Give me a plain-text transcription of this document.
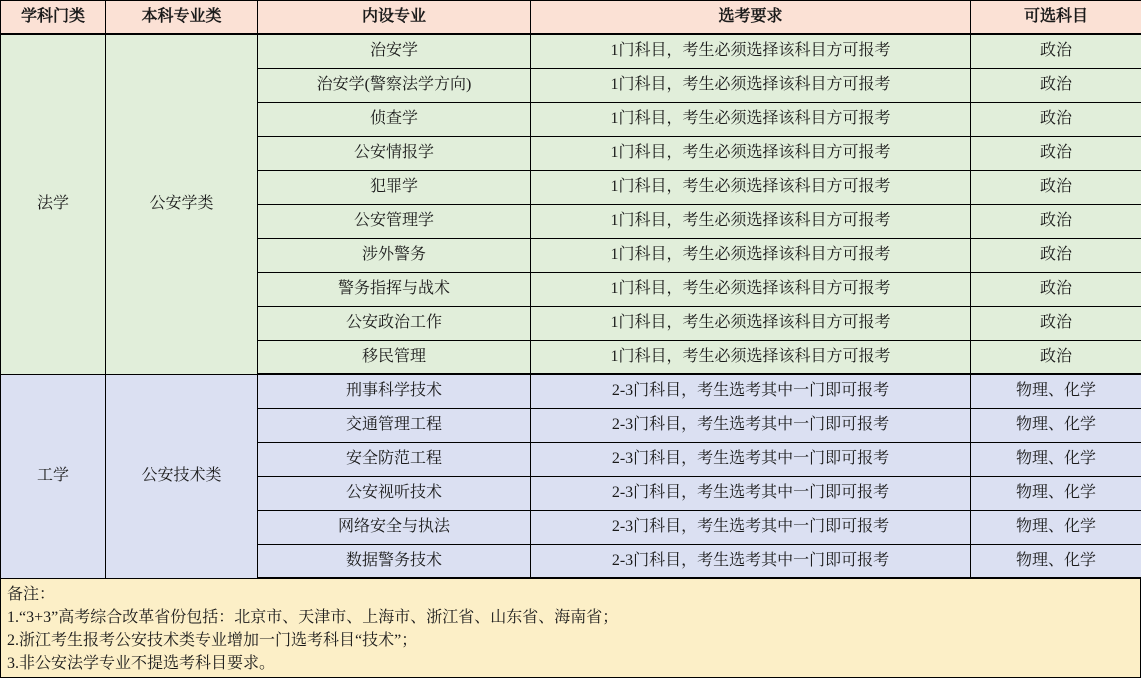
学科门类	本科专业类	内设专业	选考要求	可选科目
法学	公安学类	治安学	1门科目，考生必须选择该科目方可报考	政治
		治安学(警察法学方向)	1门科目，考生必须选择该科目方可报考	政治
		侦查学	1门科目，考生必须选择该科目方可报考	政治
		公安情报学	1门科目，考生必须选择该科目方可报考	政治
		犯罪学	1门科目，考生必须选择该科目方可报考	政治
		公安管理学	1门科目，考生必须选择该科目方可报考	政治
		涉外警务	1门科目，考生必须选择该科目方可报考	政治
		警务指挥与战术	1门科目，考生必须选择该科目方可报考	政治
		公安政治工作	1门科目，考生必须选择该科目方可报考	政治
		移民管理	1门科目，考生必须选择该科目方可报考	政治
工学	公安技术类	刑事科学技术	2-3门科目，考生选考其中一门即可报考	物理、化学
		交通管理工程	2-3门科目，考生选考其中一门即可报考	物理、化学
		安全防范工程	2-3门科目，考生选考其中一门即可报考	物理、化学
		公安视听技术	2-3门科目，考生选考其中一门即可报考	物理、化学
		网络安全与执法	2-3门科目，考生选考其中一门即可报考	物理、化学
		数据警务技术	2-3门科目，考生选考其中一门即可报考	物理、化学
备注：
1.“3+3”高考综合改革省份包括：北京市、天津市、上海市、浙江省、山东省、海南省；
2.浙江考生报考公安技术类专业增加一门选考科目“技术”；
3.非公安法学专业不提选考科目要求。
